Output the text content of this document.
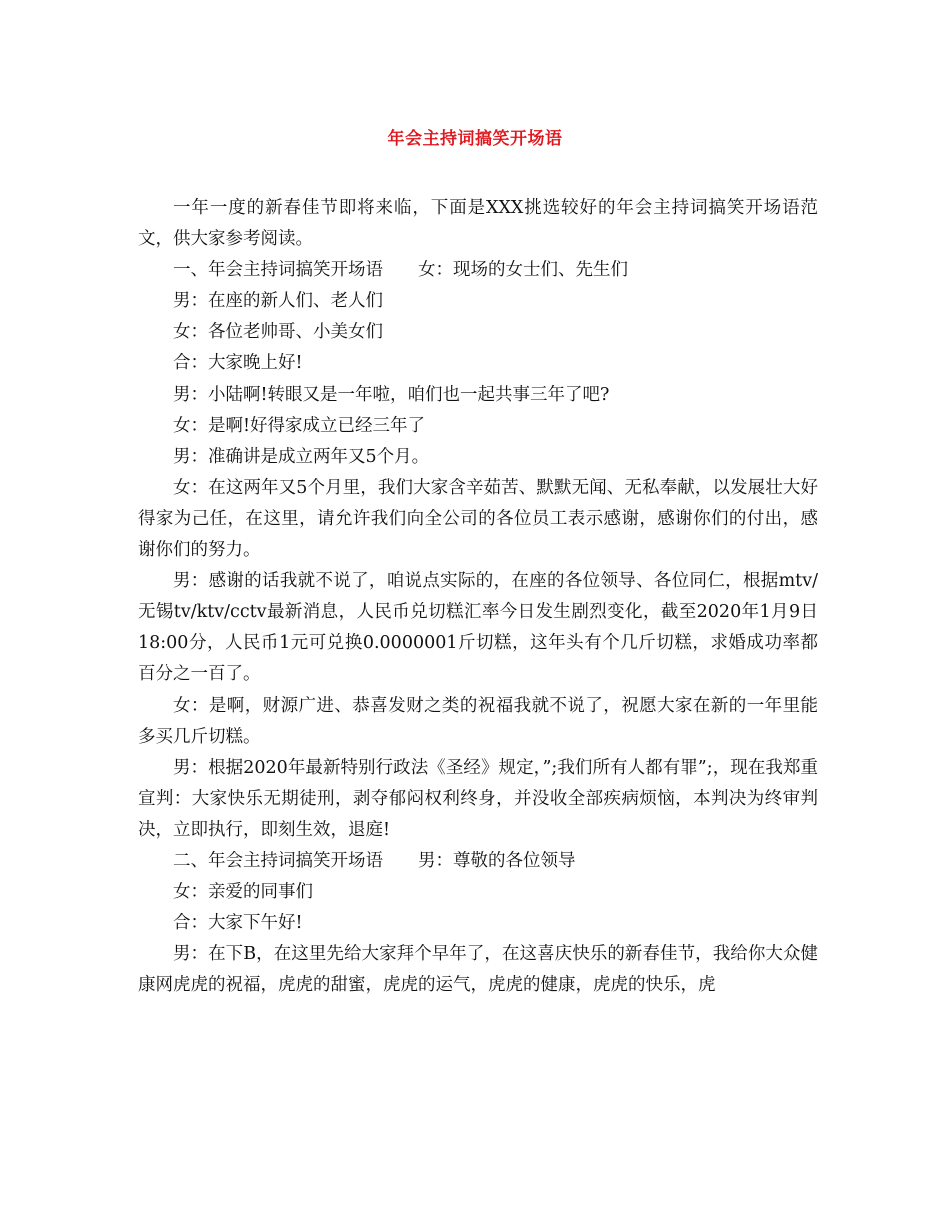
年会主持词搞笑开场语

一年一度的新春佳节即将来临，下面是XXX挑选较好的年会主持词搞笑开场语范文，供大家参考阅读。

一、年会主持词搞笑开场语　　女：现场的女士们、先生们

男：在座的新人们、老人们

女：各位老帅哥、小美女们

合：大家晚上好!

男：小陆啊!转眼又是一年啦，咱们也一起共事三年了吧?

女：是啊!好得家成立已经三年了

男：准确讲是成立两年又5个月。

女：在这两年又5个月里，我们大家含辛茹苦、默默无闻、无私奉献，以发展壮大好得家为己任，在这里，请允许我们向全公司的各位员工表示感谢，感谢你们的付出，感谢你们的努力。

男：感谢的话我就不说了，咱说点实际的，在座的各位领导、各位同仁，根据mtv/无锡tv/ktv/cctv最新消息，人民币兑切糕汇率今日发生剧烈变化，截至2020年1月9日18:00分，人民币1元可兑换0.0000001斤切糕，这年头有个几斤切糕，求婚成功率都百分之一百了。

女：是啊，财源广进、恭喜发财之类的祝福我就不说了，祝愿大家在新的一年里能多买几斤切糕。

男：根据2020年最新特别行政法《圣经》规定，”;我们所有人都有罪”;，现在我郑重宣判：大家快乐无期徒刑，剥夺郁闷权利终身，并没收全部疾病烦恼，本判决为终审判决，立即执行，即刻生效，退庭!

二、年会主持词搞笑开场语　　男：尊敬的各位领导

女：亲爱的同事们

合：大家下午好!

男：在下B，在这里先给大家拜个早年了，在这喜庆快乐的新春佳节，我给你大众健康网虎虎的祝福，虎虎的甜蜜，虎虎的运气，虎虎的健康，虎虎的快乐，虎
